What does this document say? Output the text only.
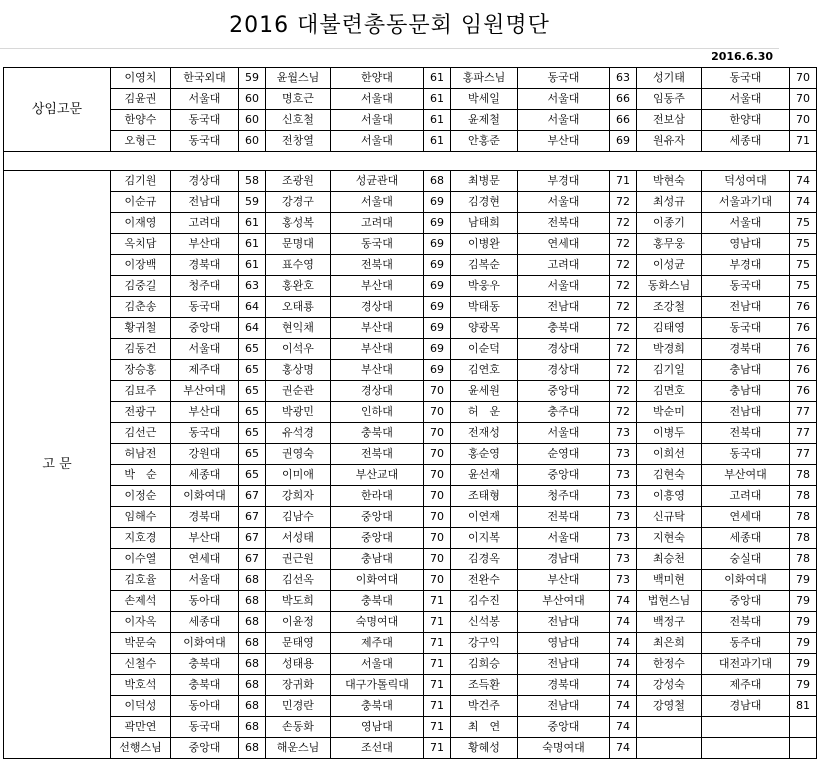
2016 대불련총동문회 임원명단
2016.6.30
상임고문	이영치	한국외대	59	윤월스님	한양대	61	홍파스님	동국대	63	성기태	동국대	70
	김윤권	서울대	60	명호근	서울대	61	박세일	서울대	66	임동주	서울대	70
	한양수	동국대	60	신호철	서울대	61	윤제철	서울대	66	전보삼	한양대	70
	오형근	동국대	60	전창열	서울대	61	안홍준	부산대	69	원유자	세종대	71

고 문	김기원	경상대	58	조광원	성균관대	68	최병문	부경대	71	박현숙	덕성여대	74
	이순규	전남대	59	강경구	서울대	69	김경현	서울대	72	최성규	서울과기대	74
	이재영	고려대	61	홍성복	고려대	69	남태희	전북대	72	이종기	서울대	75
	옥치담	부산대	61	문명대	동국대	69	이병완	연세대	72	홍무웅	영남대	75
	이장백	경북대	61	표수영	전북대	69	김복순	고려대	72	이성균	부경대	75
	김중길	청주대	63	홍완호	부산대	69	박웅우	서울대	72	동화스님	동국대	75
	김춘송	동국대	64	오태룡	경상대	69	박태동	전남대	72	조강철	전남대	76
	황귀철	중앙대	64	현익채	부산대	69	양광목	충북대	72	김태영	동국대	76
	김동건	서울대	65	이석우	부산대	69	이순덕	경상대	72	박경희	경북대	76
	장승홍	제주대	65	홍상명	부산대	69	김연호	경상대	72	김기일	충남대	76
	김묘주	부산여대	65	권순관	경상대	70	윤세원	중앙대	72	김면호	충남대	76
	전광구	부산대	65	박광민	인하대	70	허　운	충주대	72	박순미	전남대	77
	김선근	동국대	65	유석경	충북대	70	전재성	서울대	73	이병두	전북대	77
	허남전	강원대	65	권영숙	전북대	70	홍순영	순영대	73	이희선	동국대	77
	박　순	세종대	65	이미애	부산교대	70	윤선재	중앙대	73	김현숙	부산여대	78
	이정순	이화여대	67	강희자	한라대	70	조태형	청주대	73	이흥영	고려대	78
	임해수	경북대	67	김남수	중앙대	70	이연재	전북대	73	신규탁	연세대	78
	지호경	부산대	67	서성태	중앙대	70	이지복	서울대	73	지현숙	세종대	78
	이수열	연세대	67	권근원	충남대	70	김경옥	경남대	73	최승천	숭실대	78
	김호율	서울대	68	김선옥	이화여대	70	전완수	부산대	73	백미현	이화여대	79
	손제석	동아대	68	박도희	충북대	71	김수진	부산여대	74	법현스님	중앙대	79
	이자옥	세종대	68	이윤정	숙명여대	71	신석봉	전남대	74	백정구	전북대	79
	박문숙	이화여대	68	문태영	제주대	71	강구익	영남대	74	최은희	동주대	79
	신철수	충북대	68	성태용	서울대	71	김희승	전남대	74	한정수	대전과기대	79
	박호석	충북대	68	장귀화	대구가톨릭대	71	조득환	경북대	74	강성숙	제주대	79
	이덕성	동아대	68	민경란	충북대	71	박건주	전남대	74	강영철	경남대	81
	곽만연	동국대	68	손동화	영남대	71	최　연	중앙대	74			
	선행스님	중앙대	68	해운스님	조선대	71	황혜성	숙명여대	74			
